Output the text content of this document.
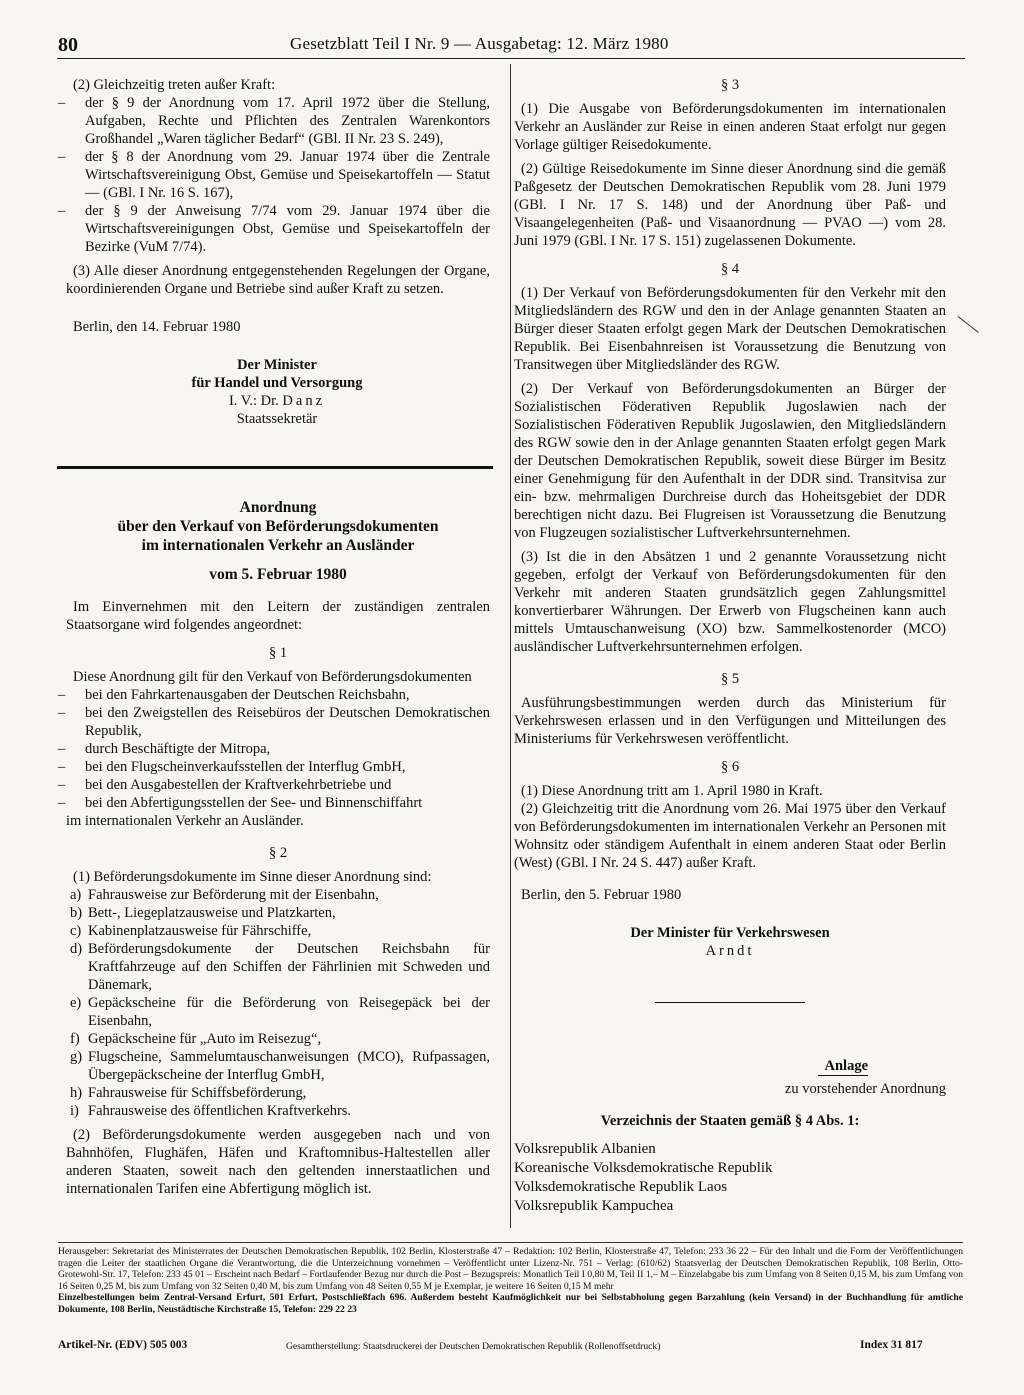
80	Gesetzblatt Teil I Nr. 9 — Ausgabetag: 12. März 1980

(2) Gleichzeitig treten außer Kraft:

– der § 9 der Anordnung vom 17. April 1972 über die Stellung, Aufgaben, Rechte und Pflichten des Zentralen Warenkontors Großhandel „Waren täglicher Bedarf“ (GBl. II Nr. 23 S. 249),
– der § 8 der Anordnung vom 29. Januar 1974 über die Zentrale Wirtschaftsvereinigung Obst, Gemüse und Speisekartoffeln — Statut — (GBl. I Nr. 16 S. 167),
– der § 9 der Anweisung 7/74 vom 29. Januar 1974 über die Wirtschaftsvereinigungen Obst, Gemüse und Speisekartoffeln der Bezirke (VuM 7/74).

(3) Alle dieser Anordnung entgegenstehenden Regelungen der Organe, koordinierenden Organe und Betriebe sind außer Kraft zu setzen.

Berlin, den 14. Februar 1980

Der Minister

für Handel und Versorgung

I. V.: Dr. Danz

Staatssekretär

Anordnung

über den Verkauf von Beförderungsdokumenten

im internationalen Verkehr an Ausländer

vom 5. Februar 1980

Im Einvernehmen mit den Leitern der zuständigen zentralen Staatsorgane wird folgendes angeordnet:

§ 1

Diese Anordnung gilt für den Verkauf von Beförderungsdokumenten

– bei den Fahrkartenausgaben der Deutschen Reichsbahn,
– bei den Zweigstellen des Reisebüros der Deutschen Demokratischen Republik,
– durch Beschäftigte der Mitropa,
– bei den Flugscheinverkaufsstellen der Interflug GmbH,
– bei den Ausgabestellen der Kraftverkehrbetriebe und
– bei den Abfertigungsstellen der See- und Binnenschiffahrt

im internationalen Verkehr an Ausländer.

§ 2

(1) Beförderungsdokumente im Sinne dieser Anordnung sind:

a) Fahrausweise zur Beförderung mit der Eisenbahn,
b) Bett-, Liegeplatzausweise und Platzkarten,
c) Kabinenplatzausweise für Fährschiffe,
d) Beförderungsdokumente der Deutschen Reichsbahn für Kraftfahrzeuge auf den Schiffen der Fährlinien mit Schweden und Dänemark,
e) Gepäckscheine für die Beförderung von Reisegepäck bei der Eisenbahn,
f) Gepäckscheine für „Auto im Reisezug“,
g) Flugscheine, Sammelumtauschanweisungen (MCO), Rufpassagen, Übergepäckscheine der Interflug GmbH,
h) Fahrausweise für Schiffsbeförderung,
i) Fahrausweise des öffentlichen Kraftverkehrs.

(2) Beförderungsdokumente werden ausgegeben nach und von Bahnhöfen, Flughäfen, Häfen und Kraftomnibus-Haltestellen aller anderen Staaten, soweit nach den geltenden innerstaatlichen und internationalen Tarifen eine Abfertigung möglich ist.

§ 3

(1) Die Ausgabe von Beförderungsdokumenten im internationalen Verkehr an Ausländer zur Reise in einen anderen Staat erfolgt nur gegen Vorlage gültiger Reisedokumente.

(2) Gültige Reisedokumente im Sinne dieser Anordnung sind die gemäß Paßgesetz der Deutschen Demokratischen Republik vom 28. Juni 1979 (GBl. I Nr. 17 S. 148) und der Anordnung über Paß- und Visaangelegenheiten (Paß- und Visaanordnung — PVAO —) vom 28. Juni 1979 (GBl. I Nr. 17 S. 151) zugelassenen Dokumente.

§ 4

(1) Der Verkauf von Beförderungsdokumenten für den Verkehr mit den Mitgliedsländern des RGW und den in der Anlage genannten Staaten an Bürger dieser Staaten erfolgt gegen Mark der Deutschen Demokratischen Republik. Bei Eisenbahnreisen ist Voraussetzung die Benutzung von Transitwegen über Mitgliedsländer des RGW.

(2) Der Verkauf von Beförderungsdokumenten an Bürger der Sozialistischen Föderativen Republik Jugoslawien nach der Sozialistischen Föderativen Republik Jugoslawien, den Mitgliedsländern des RGW sowie den in der Anlage genannten Staaten erfolgt gegen Mark der Deutschen Demokratischen Republik, soweit diese Bürger im Besitz einer Genehmigung für den Aufenthalt in der DDR sind. Transitvisa zur ein- bzw. mehrmaligen Durchreise durch das Hoheitsgebiet der DDR berechtigen nicht dazu. Bei Flugreisen ist Voraussetzung die Benutzung von Flugzeugen sozialistischer Luftverkehrsunternehmen.

(3) Ist die in den Absätzen 1 und 2 genannte Voraussetzung nicht gegeben, erfolgt der Verkauf von Beförderungsdokumenten für den Verkehr mit anderen Staaten grundsätzlich gegen Zahlungsmittel konvertierbarer Währungen. Der Erwerb von Flugscheinen kann auch mittels Umtauschanweisung (XO) bzw. Sammelkostenorder (MCO) ausländischer Luftverkehrsunternehmen erfolgen.

§ 5

Ausführungsbestimmungen werden durch das Ministerium für Verkehrswesen erlassen und in den Verfügungen und Mitteilungen des Ministeriums für Verkehrswesen veröffentlicht.

§ 6

(1) Diese Anordnung tritt am 1. April 1980 in Kraft.

(2) Gleichzeitig tritt die Anordnung vom 26. Mai 1975 über den Verkauf von Beförderungsdokumenten im internationalen Verkehr an Personen mit Wohnsitz oder ständigem Aufenthalt in einem anderen Staat oder Berlin (West) (GBl. I Nr. 24 S. 447) außer Kraft.

Berlin, den 5. Februar 1980

Der Minister für Verkehrswesen

Arndt

Anlage

zu vorstehender Anordnung

Verzeichnis der Staaten gemäß § 4 Abs. 1:

Volksrepublik Albanien

Koreanische Volksdemokratische Republik

Volksdemokratische Republik Laos

Volksrepublik Kampuchea

Herausgeber: Sekretariat des Ministerrates der Deutschen Demokratischen Republik, 102 Berlin, Klosterstraße 47 – Redaktion: 102 Berlin, Klosterstraße 47, Telefon: 233 36 22 – Für den Inhalt und die Form der Veröffentlichungen tragen die Leiter der staatlichen Organe die Verantwortung, die die Unterzeichnung vornehmen – Veröffentlicht unter Lizenz-Nr. 751 – Verlag: (610/62) Staatsverlag der Deutschen Demokratischen Republik, 108 Berlin, Otto-Grotewohl-Str. 17, Telefon: 233 45 01 – Erscheint nach Bedarf – Fortlaufender Bezug nur durch die Post – Bezugspreis: Monatlich Teil I 0,80 M, Teil II 1,– M – Einzelabgabe bis zum Umfang von 8 Seiten 0,15 M, bis zum Umfang von 16 Seiten 0,25 M, bis zum Umfang von 32 Seiten 0,40 M, bis zum Umfang von 48 Seiten 0,55 M je Exemplar, je weitere 16 Seiten 0,15 M mehr

Einzelbestellungen beim Zentral-Versand Erfurt, 501 Erfurt, Postschließfach 696. Außerdem besteht Kaufmöglichkeit nur bei Selbstabholung gegen Barzahlung (kein Versand) in der Buchhandlung für amtliche Dokumente, 108 Berlin, Neustädtische Kirchstraße 15, Telefon: 229 22 23

Artikel-Nr. (EDV) 505 003	Gesamtherstellung: Staatsdruckerei der Deutschen Demokratischen Republik (Rollenoffsetdruck)	Index 31 817
